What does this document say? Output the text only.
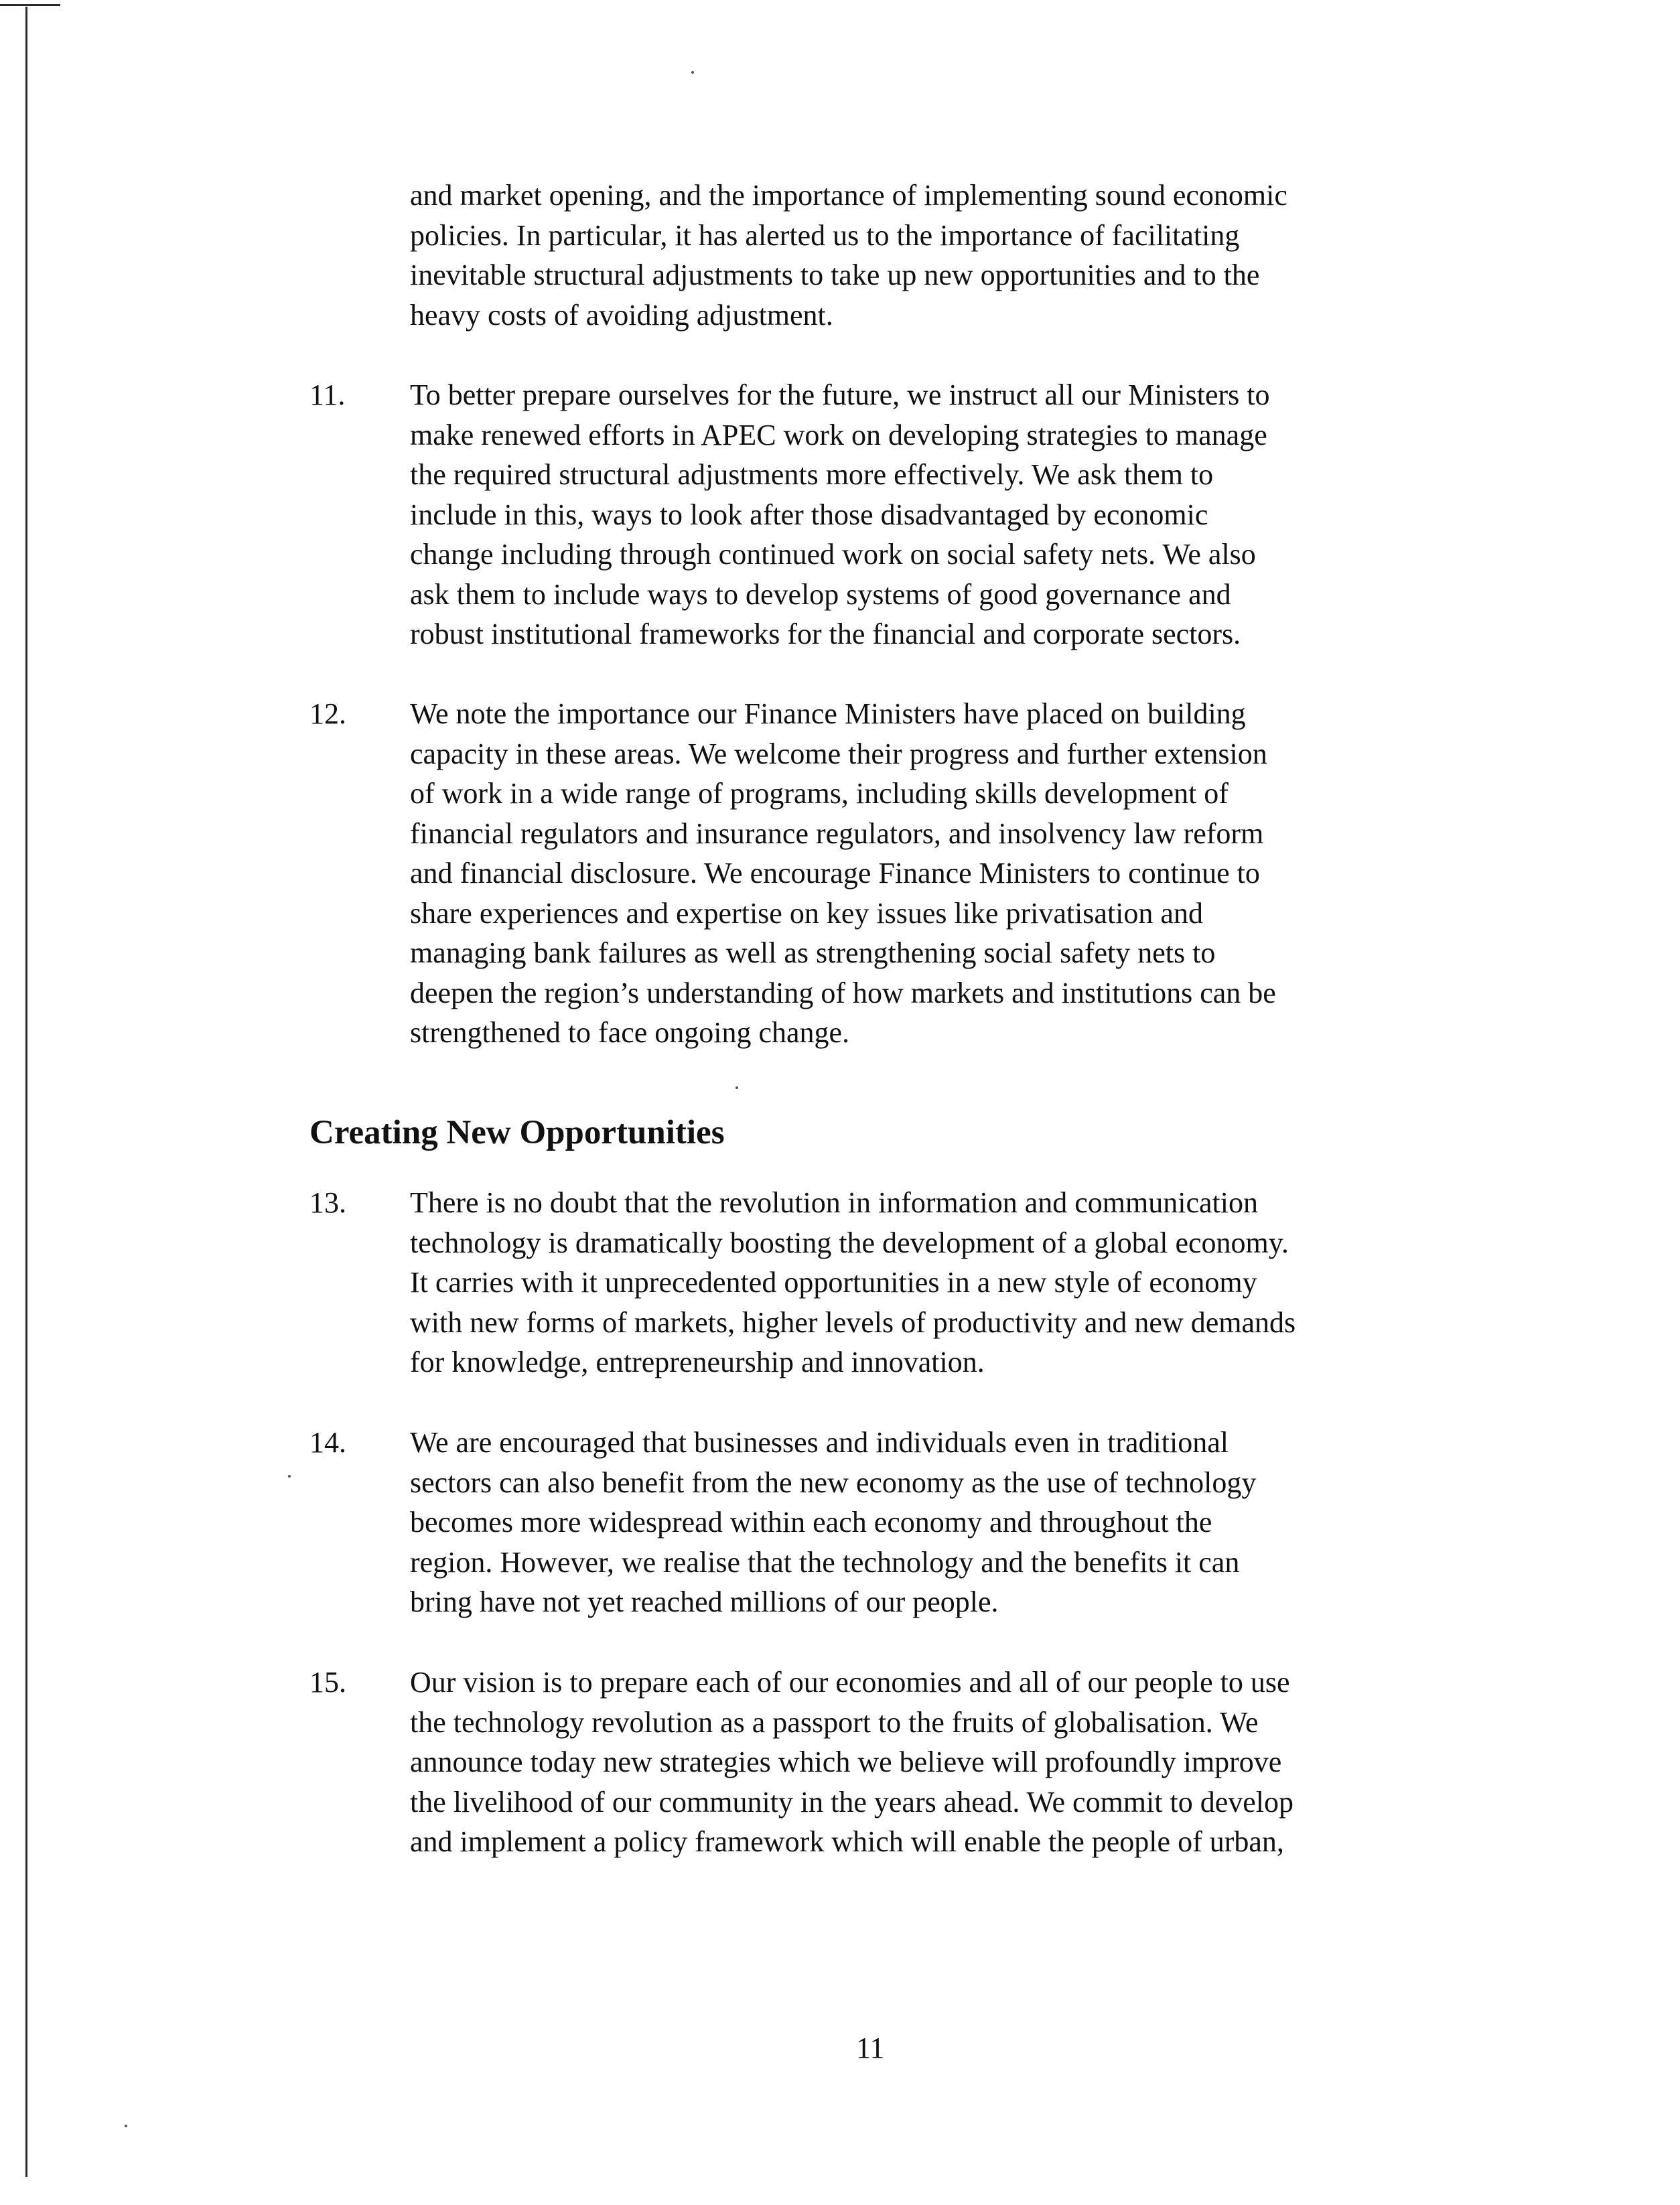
and market opening, and the importance of implementing sound economic
policies. In particular, it has alerted us to the importance of facilitating
inevitable structural adjustments to take up new opportunities and to the
heavy costs of avoiding adjustment.
11. To better prepare ourselves for the future, we instruct all our Ministers to
make renewed efforts in APEC work on developing strategies to manage
the required structural adjustments more effectively. We ask them to
include in this, ways to look after those disadvantaged by economic
change including through continued work on social safety nets. We also
ask them to include ways to develop systems of good governance and
robust institutional frameworks for the financial and corporate sectors.
12. We note the importance our Finance Ministers have placed on building
capacity in these areas. We welcome their progress and further extension
of work in a wide range of programs, including skills development of
financial regulators and insurance regulators, and insolvency law reform
and financial disclosure. We encourage Finance Ministers to continue to
share experiences and expertise on key issues like privatisation and
managing bank failures as well as strengthening social safety nets to
deepen the region’s understanding of how markets and institutions can be
strengthened to face ongoing change.
Creating New Opportunities
13. There is no doubt that the revolution in information and communication
technology is dramatically boosting the development of a global economy.
It carries with it unprecedented opportunities in a new style of economy
with new forms of markets, higher levels of productivity and new demands
for knowledge, entrepreneurship and innovation.
14. We are encouraged that businesses and individuals even in traditional
sectors can also benefit from the new economy as the use of technology
becomes more widespread within each economy and throughout the
region. However, we realise that the technology and the benefits it can
bring have not yet reached millions of our people.
15. Our vision is to prepare each of our economies and all of our people to use
the technology revolution as a passport to the fruits of globalisation. We
announce today new strategies which we believe will profoundly improve
the livelihood of our community in the years ahead. We commit to develop
and implement a policy framework which will enable the people of urban,
11
